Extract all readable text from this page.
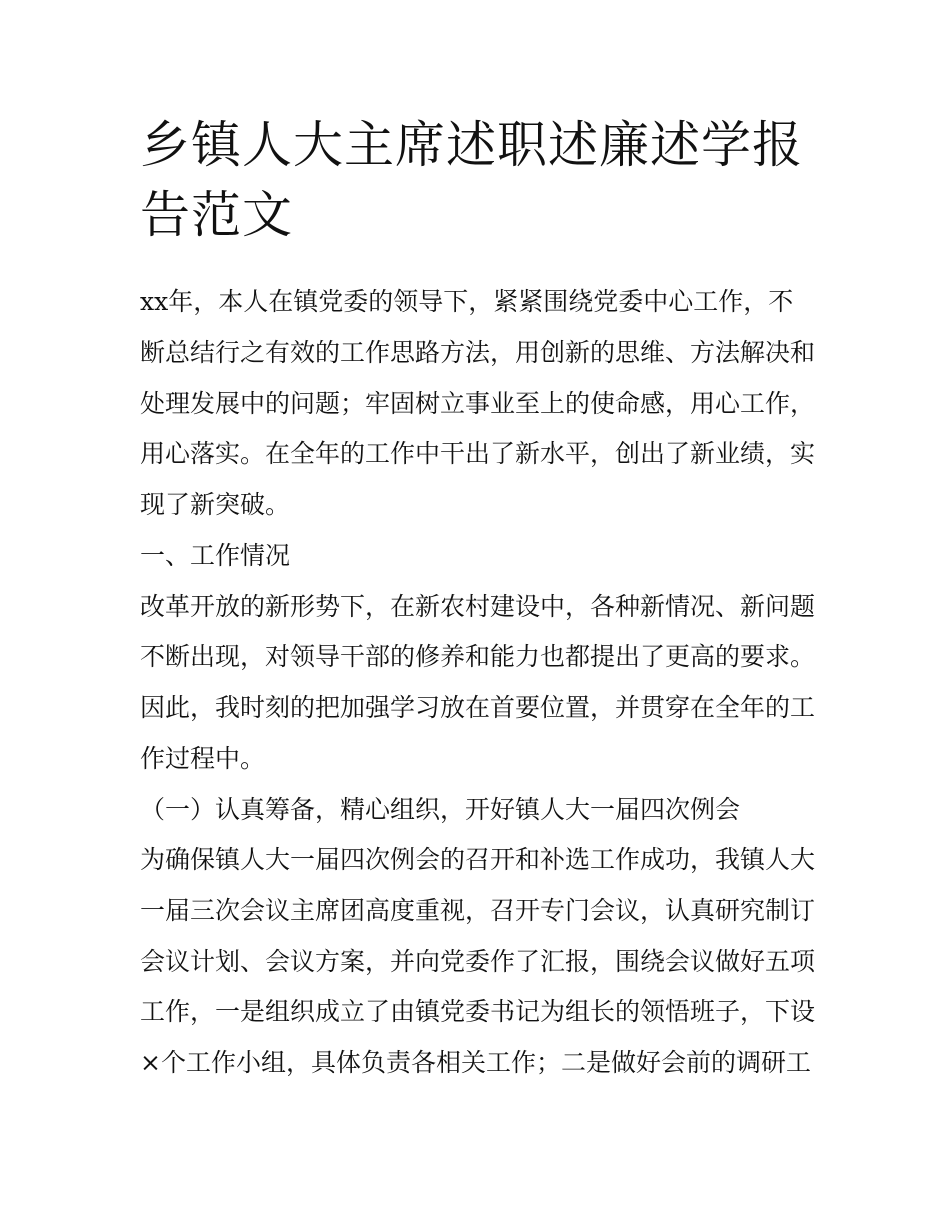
乡镇人大主席述职述廉述学报告范文

xx年，本人在镇党委的领导下，紧紧围绕党委中心工作，不

断总结行之有效的工作思路方法，用创新的思维、方法解决和

处理发展中的问题；牢固树立事业至上的使命感，用心工作，

用心落实。在全年的工作中干出了新水平，创出了新业绩，实

现了新突破。

一、工作情况

改革开放的新形势下，在新农村建设中，各种新情况、新问题

不断出现，对领导干部的修养和能力也都提出了更高的要求。

因此，我时刻的把加强学习放在首要位置，并贯穿在全年的工

作过程中。

（一）认真筹备，精心组织，开好镇人大一届四次例会

为确保镇人大一届四次例会的召开和补选工作成功，我镇人大

一届三次会议主席团高度重视，召开专门会议，认真研究制订

会议计划、会议方案，并向党委作了汇报，围绕会议做好五项

工作，一是组织成立了由镇党委书记为组长的领悟班子，下设

×个工作小组，具体负责各相关工作；二是做好会前的调研工
